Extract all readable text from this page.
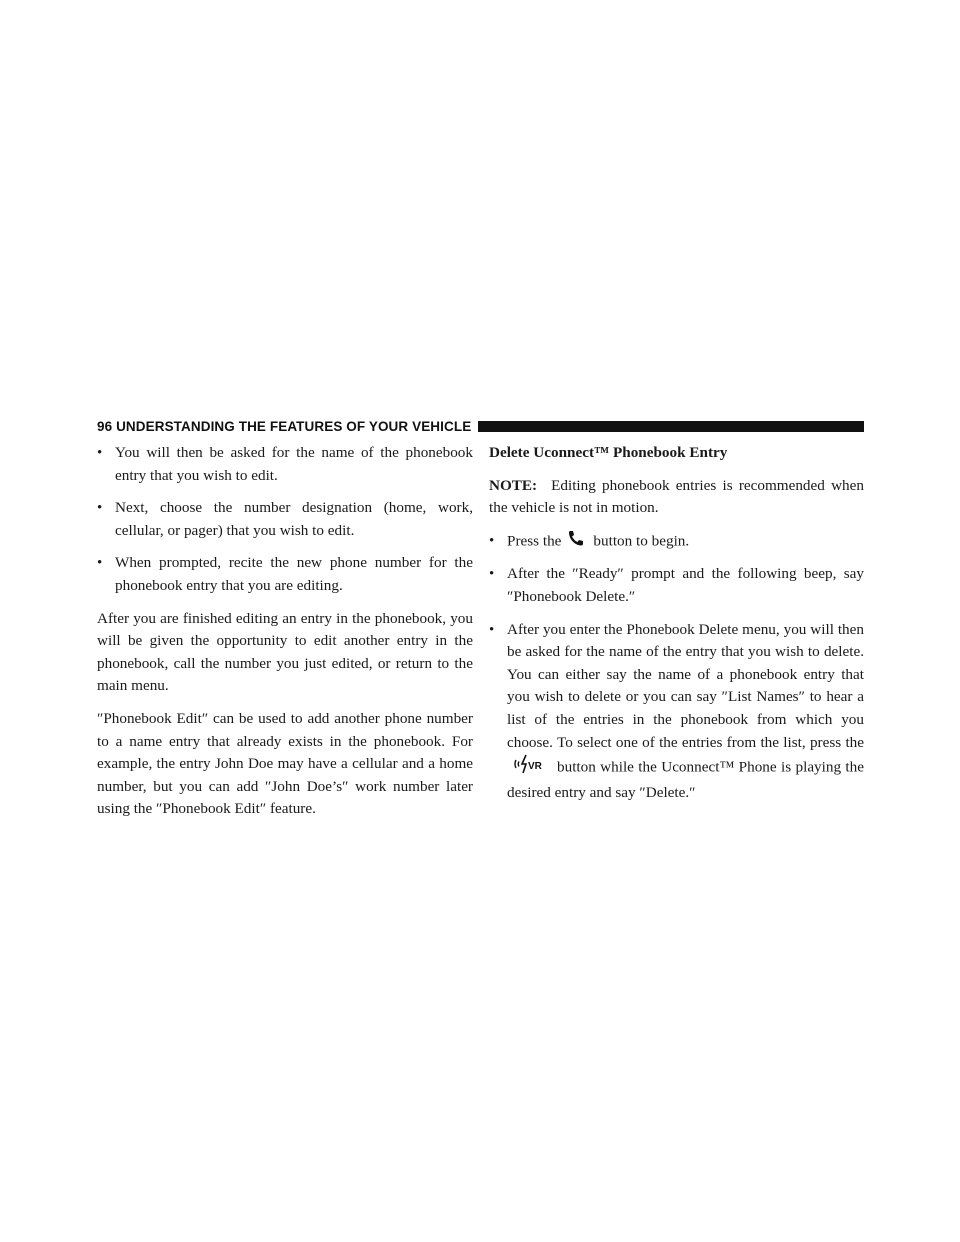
96 UNDERSTANDING THE FEATURES OF YOUR VEHICLE
• You will then be asked for the name of the phonebook entry that you wish to edit.
• Next, choose the number designation (home, work, cellular, or pager) that you wish to edit.
• When prompted, recite the new phone number for the phonebook entry that you are editing.

After you are finished editing an entry in the phonebook, you will be given the opportunity to edit another entry in the phonebook, call the number you just edited, or return to the main menu.

″Phonebook Edit″ can be used to add another phone number to a name entry that already exists in the phonebook. For example, the entry John Doe may have a cellular and a home number, but you can add ″John Doe’s″ work number later using the ″Phonebook Edit″ feature.

Delete Uconnect™ Phonebook Entry

NOTE: Editing phonebook entries is recommended when the vehicle is not in motion.

• Press the button to begin.
• After the ″Ready″ prompt and the following beep, say ″Phonebook Delete.″
• After you enter the Phonebook Delete menu, you will then be asked for the name of the entry that you wish to delete. You can either say the name of a phonebook entry that you wish to delete or you can say ″List Names″ to hear a list of the entries in the phonebook from which you choose. To select one of the entries from the list, press the
VR button while the Uconnect™ Phone is playing the desired entry and say ″Delete.″
